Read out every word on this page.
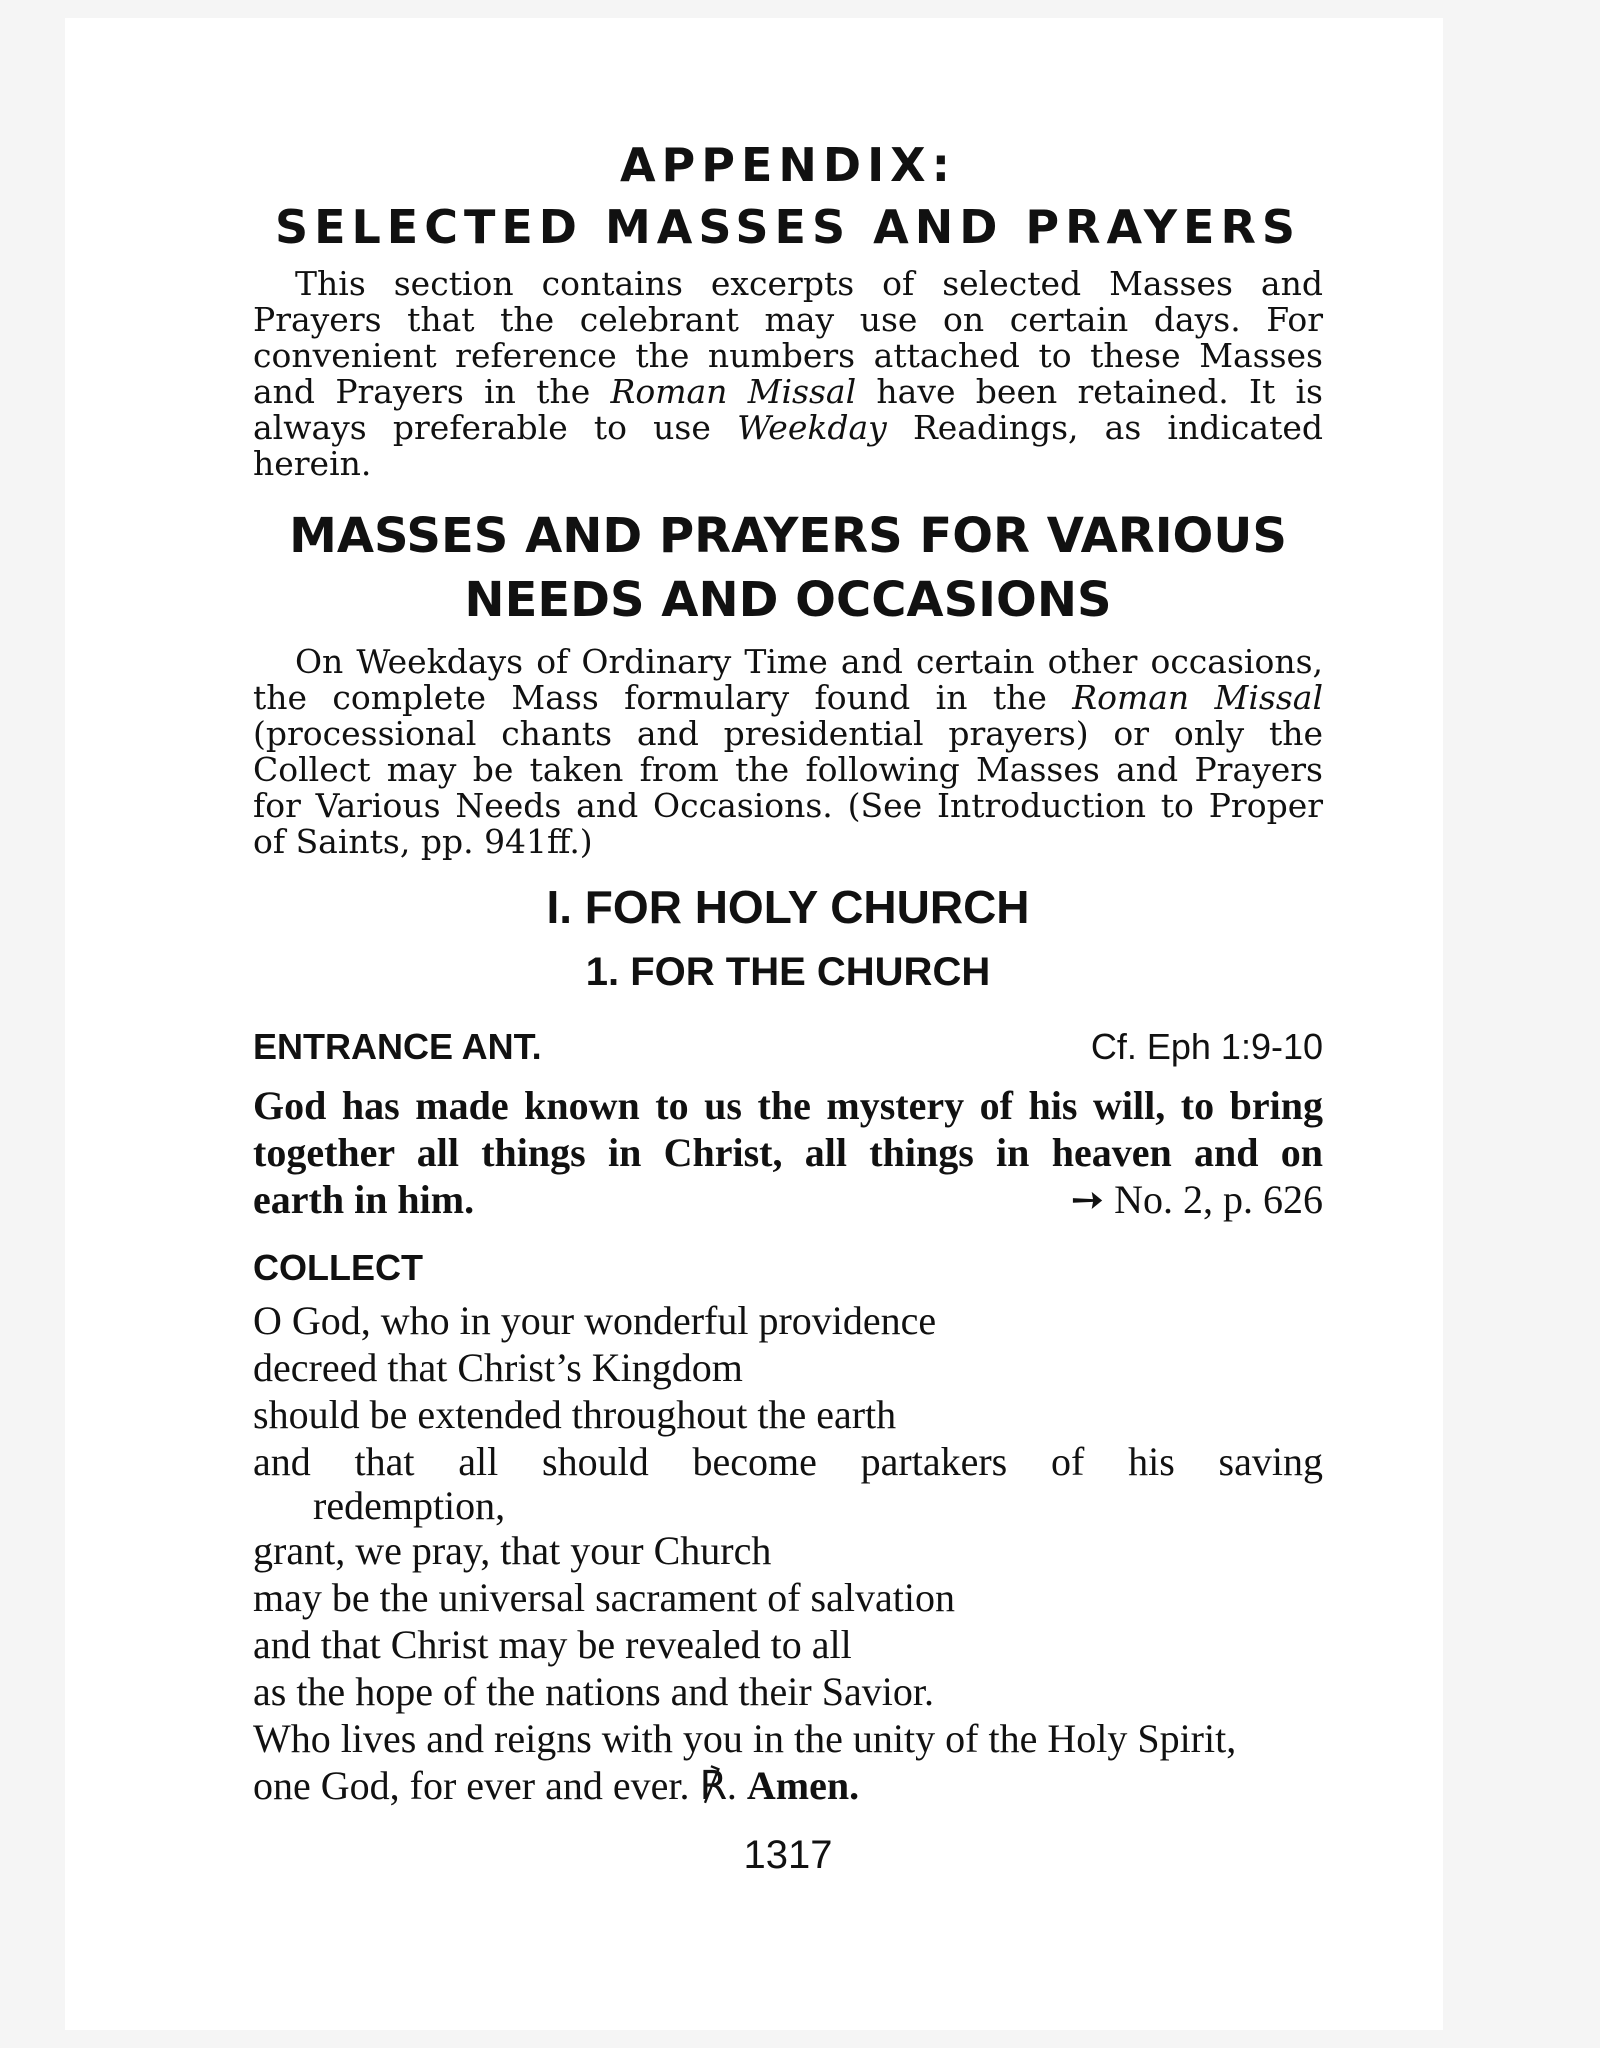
APPENDIX:
SELECTED MASSES AND PRAYERS

This section contains excerpts of selected Masses and Prayers that the celebrant may use on certain days. For convenient reference the numbers attached to these Masses and Prayers in the Roman Missal have been retained. It is always preferable to use Weekday Readings, as indicated herein.

MASSES AND PRAYERS FOR VARIOUS
NEEDS AND OCCASIONS

On Weekdays of Ordinary Time and certain other occasions, the complete Mass formulary found in the Roman Missal (processional chants and presidential prayers) or only the Collect may be taken from the following Masses and Prayers for Various Needs and Occasions. (See Introduction to Proper of Saints, pp. 941ff.)

I. FOR HOLY CHURCH
1. FOR THE CHURCH
ENTRANCE ANT.	Cf. Eph 1:9-10
God has made known to us the mystery of his will, to bring together all things in Christ, all things in heaven and on
earth in him.	➙ No. 2, p. 626
COLLECT
O God, who in your wonderful providence
decreed that Christ’s Kingdom
should be extended throughout the earth
and that all should become partakers of his saving
redemption,
grant, we pray, that your Church
may be the universal sacrament of salvation
and that Christ may be revealed to all
as the hope of the nations and their Savior.
Who lives and reigns with you in the unity of the Holy Spirit,
one God, for ever and ever. ℟. Amen.
1317
